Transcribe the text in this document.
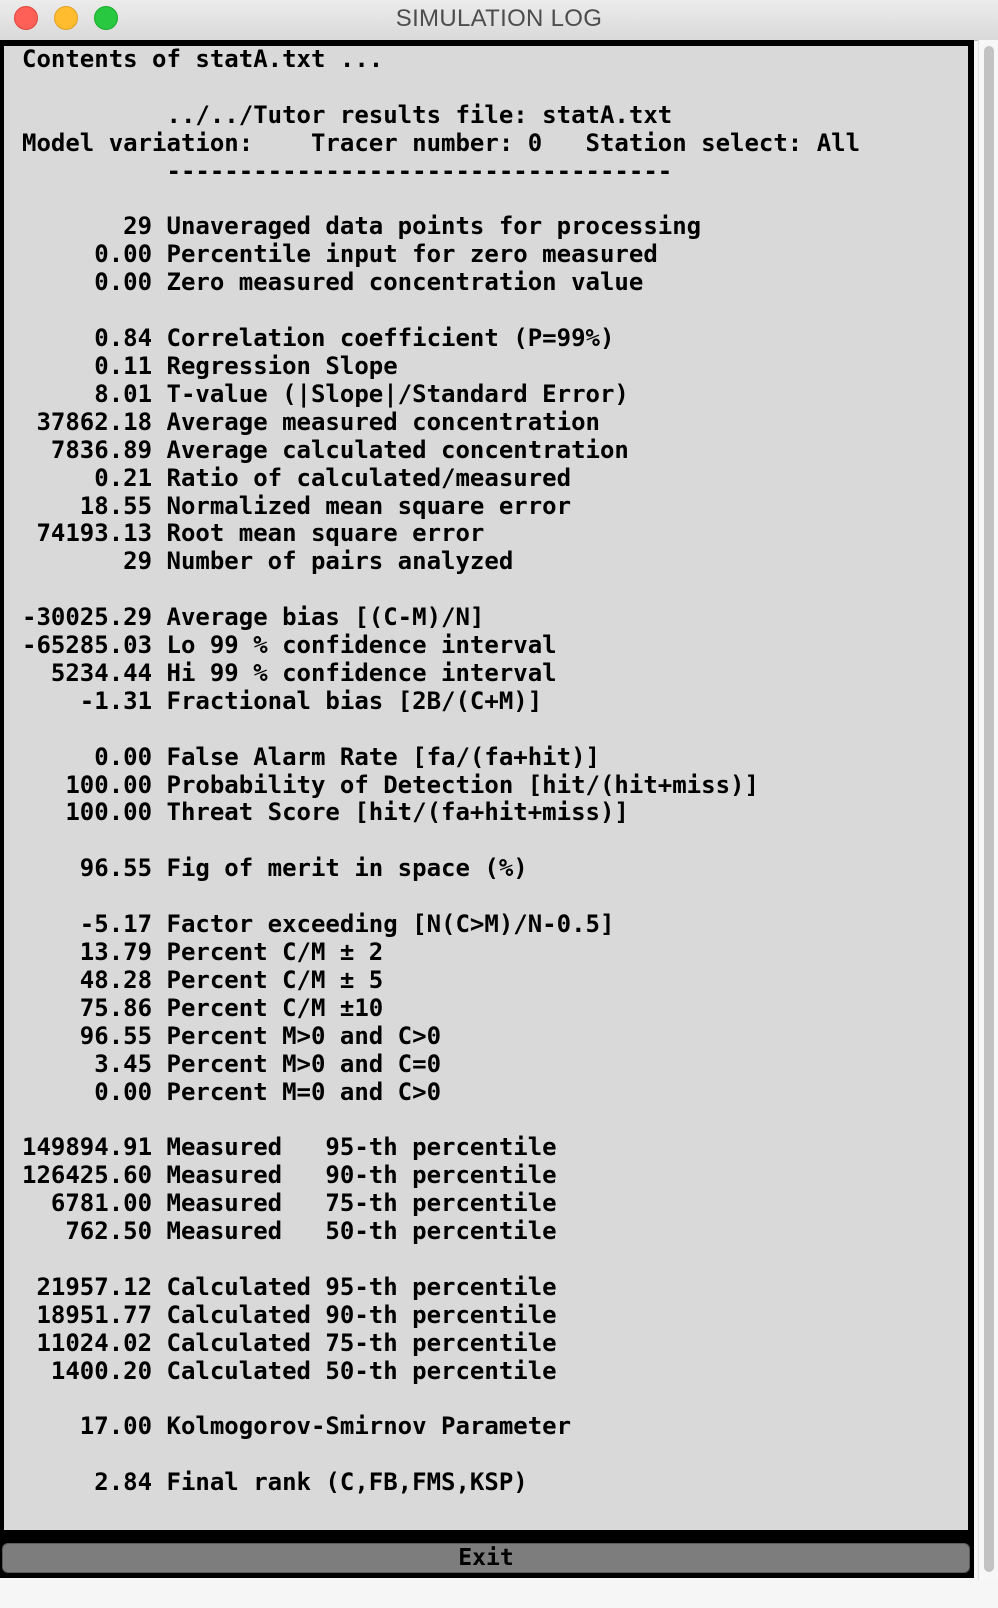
SIMULATION LOG
Contents of statA.txt ...

../../Tutor results file: statA.txt
Model variation:    Tracer number: 0   Station select: All
-----------------------------------

29 Unaveraged data points for processing
0.00 Percentile input for zero measured
0.00 Zero measured concentration value

0.84 Correlation coefficient (P=99%)
0.11 Regression Slope
8.01 T-value (|Slope|/Standard Error)
37862.18 Average measured concentration
7836.89 Average calculated concentration
0.21 Ratio of calculated/measured
18.55 Normalized mean square error
74193.13 Root mean square error
29 Number of pairs analyzed

-30025.29 Average bias [(C-M)/N]
-65285.03 Lo 99 % confidence interval
5234.44 Hi 99 % confidence interval
-1.31 Fractional bias [2B/(C+M)]

0.00 False Alarm Rate [fa/(fa+hit)]
100.00 Probability of Detection [hit/(hit+miss)]
100.00 Threat Score [hit/(fa+hit+miss)]

96.55 Fig of merit in space (%)

-5.17 Factor exceeding [N(C>M)/N-0.5]
13.79 Percent C/M ± 2
48.28 Percent C/M ± 5
75.86 Percent C/M ±10
96.55 Percent M>0 and C>0
3.45 Percent M>0 and C=0
0.00 Percent M=0 and C>0

149894.91 Measured   95-th percentile
126425.60 Measured   90-th percentile
6781.00 Measured   75-th percentile
762.50 Measured   50-th percentile

21957.12 Calculated 95-th percentile
18951.77 Calculated 90-th percentile
11024.02 Calculated 75-th percentile
1400.20 Calculated 50-th percentile

17.00 Kolmogorov-Smirnov Parameter

2.84 Final rank (C,FB,FMS,KSP)

Exit
